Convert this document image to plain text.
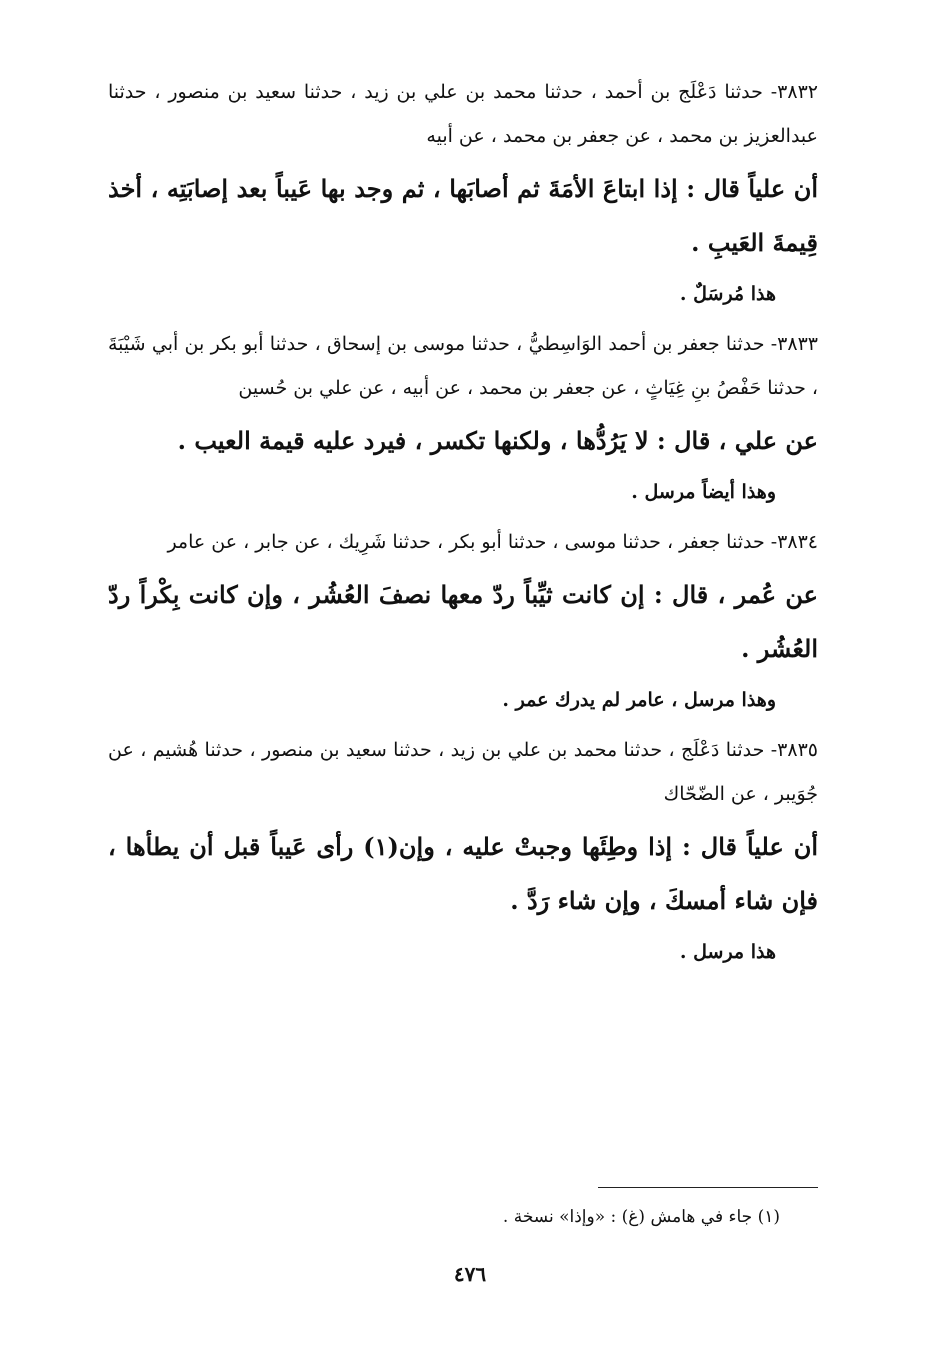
٣٨٣٢- حدثنا دَعْلَج بن أحمد ، حدثنا محمد بن علي بن زيد ، حدثنا سعيد بن منصور ، حدثنا عبدالعزيز بن محمد ، عن جعفر بن محمد ، عن أبيه

أن علياً قال : إذا ابتاعَ الأمَةَ ثم أصابَها ، ثم وجد بها عَيباً بعد إصابَتِه ، أخذ قِيمةَ العَيبِ .

هذا مُرسَلٌ .

٣٨٣٣- حدثنا جعفر بن أحمد الوَاسِطيُّ ، حدثنا موسى بن إسحاق ، حدثنا أبو بكر بن أبي شَيْبَةَ ، حدثنا حَفْصُ بنِ غِيَاثٍ ، عن جعفر بن محمد ، عن أبيه ، عن علي بن حُسين

عن علي ، قال : لا يَرُدُّها ، ولكنها تكسر ، فيرد عليه قيمة العيب .

وهذا أيضاً مرسل .

٣٨٣٤- حدثنا جعفر ، حدثنا موسى ، حدثنا أبو بكر ، حدثنا شَرِيك ، عن جابر ، عن عامر

عن عُمر ، قال : إن كانت ثيِّباً ردّ معها نصفَ العُشُر ، وإن كانت بِكْراً ردّ العُشُر .

وهذا مرسل ، عامر لم يدرك عمر .

٣٨٣٥- حدثنا دَعْلَج ، حدثنا محمد بن علي بن زيد ، حدثنا سعيد بن منصور ، حدثنا هُشيم ، عن جُوَيبر ، عن الضّحّاك

أن علياً قال : إذا وطِئَها وجبتْ عليه ، وإن(١) رأى عَيباً قبل أن يطأها ، فإن شاء أمسكَ ، وإن شاء رَدَّ .

هذا مرسل .

(١) جاء في هامش (غ) : «وإذا» نسخة .
٤٧٦
